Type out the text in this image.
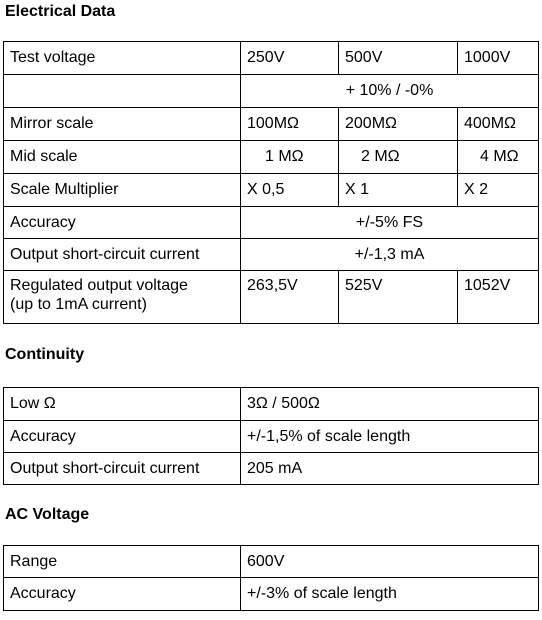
Electrical Data
Test voltage	250V	500V	1000V
	+ 10% / -0%		
Mirror scale	100MΩ	200MΩ	400MΩ
Mid scale	1 MΩ	2 MΩ	4 MΩ
Scale Multiplier	X 0,5	X 1	X 2
Accuracy	+/-5% FS		
Output short-circuit current	+/-1,3 mA		

Regulated output voltage
(up to 1mA current)	263,5V	525V	1052V
Continuity
Low Ω	3Ω / 500Ω
Accuracy	+/-1,5% of scale length
Output short-circuit current	205 mA
AC Voltage
Range	600V
Accuracy	+/-3% of scale length
